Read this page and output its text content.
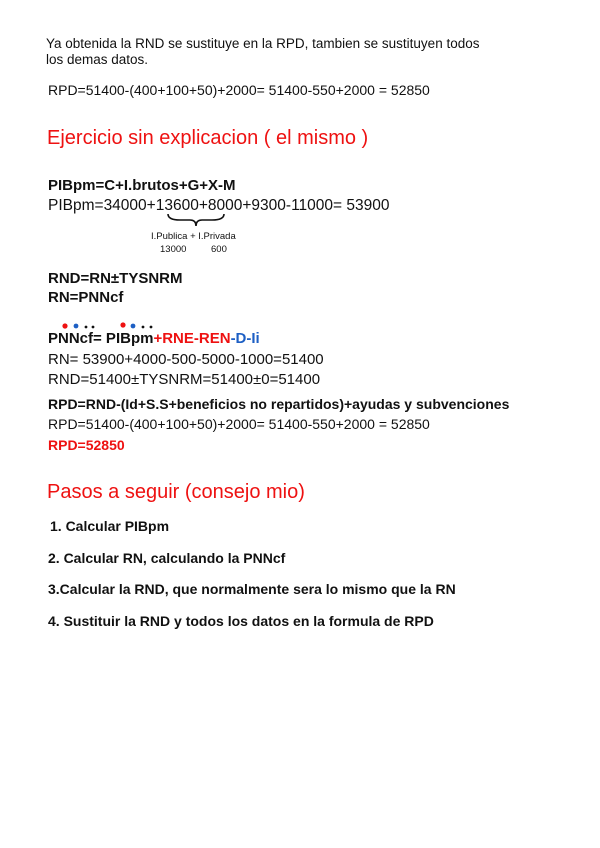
Ya obtenida la RND se sustituye en la RPD, tambien se sustituyen todos
los demas datos.
RPD=51400-(400+100+50)+2000= 51400-550+2000 = 52850
Ejercicio sin explicacion ( el mismo )
PIBpm=C+I.brutos+G+X-M
PIBpm=34000+13600+8000+9300-11000= 53900
I.Publica + I.Privada
13000	600
RND=RN±TYSNRM
RN=PNNcf
PNNcf= PIBpm+RNE-REN-D-Ii
RN= 53900+4000-500-5000-1000=51400
RND=51400±TYSNRM=51400±0=51400
RPD=RND-(Id+S.S+beneficios no repartidos)+ayudas y subvenciones
RPD=51400-(400+100+50)+2000= 51400-550+2000 = 52850
RPD=52850
Pasos a seguir (consejo mio)
1. Calcular PIBpm
2. Calcular RN, calculando la PNNcf
3.Calcular la RND, que normalmente sera lo mismo que la RN
4. Sustituir la RND y todos los datos en la formula de RPD
